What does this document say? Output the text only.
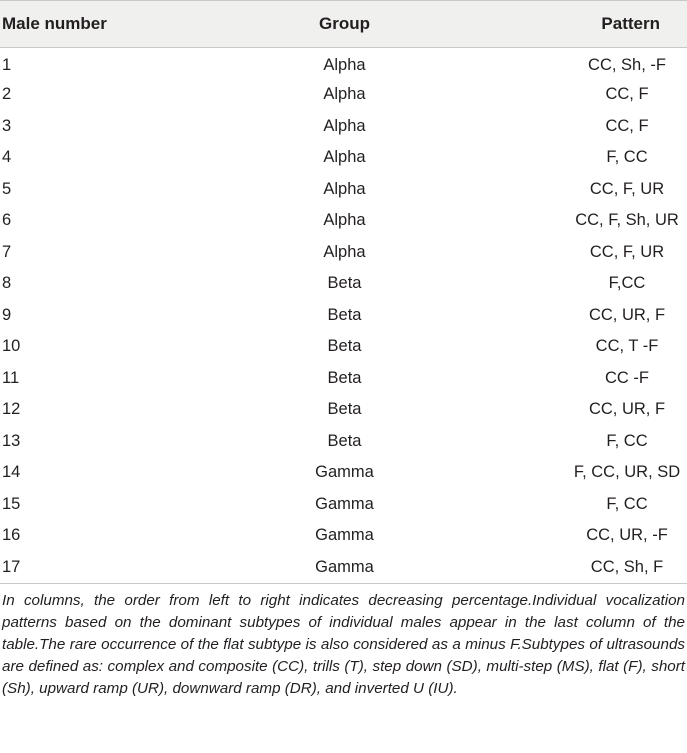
Male number	Group	Pattern
1	Alpha	CC, Sh, -F
2	Alpha	CC, F
3	Alpha	CC, F
4	Alpha	F, CC
5	Alpha	CC, F, UR
6	Alpha	CC, F, Sh, UR
7	Alpha	CC, F, UR
8	Beta	F,CC
9	Beta	CC, UR, F
10	Beta	CC, T -F
11	Beta	CC -F
12	Beta	CC, UR, F
13	Beta	F, CC
14	Gamma	F, CC, UR, SD
15	Gamma	F, CC
16	Gamma	CC, UR, -F
17	Gamma	CC, Sh, F

In columns, the order from left to right indicates decreasing percentage.Individual vocalization patterns based on the dominant subtypes of individual males appear in the last column of the table.The rare occurrence of the flat subtype is also considered as a minus F.Subtypes of ultrasounds are defined as: complex and composite (CC), trills (T), step down (SD), multi-step (MS), flat (F), short (Sh), upward ramp (UR), downward ramp (DR), and inverted U (IU).
